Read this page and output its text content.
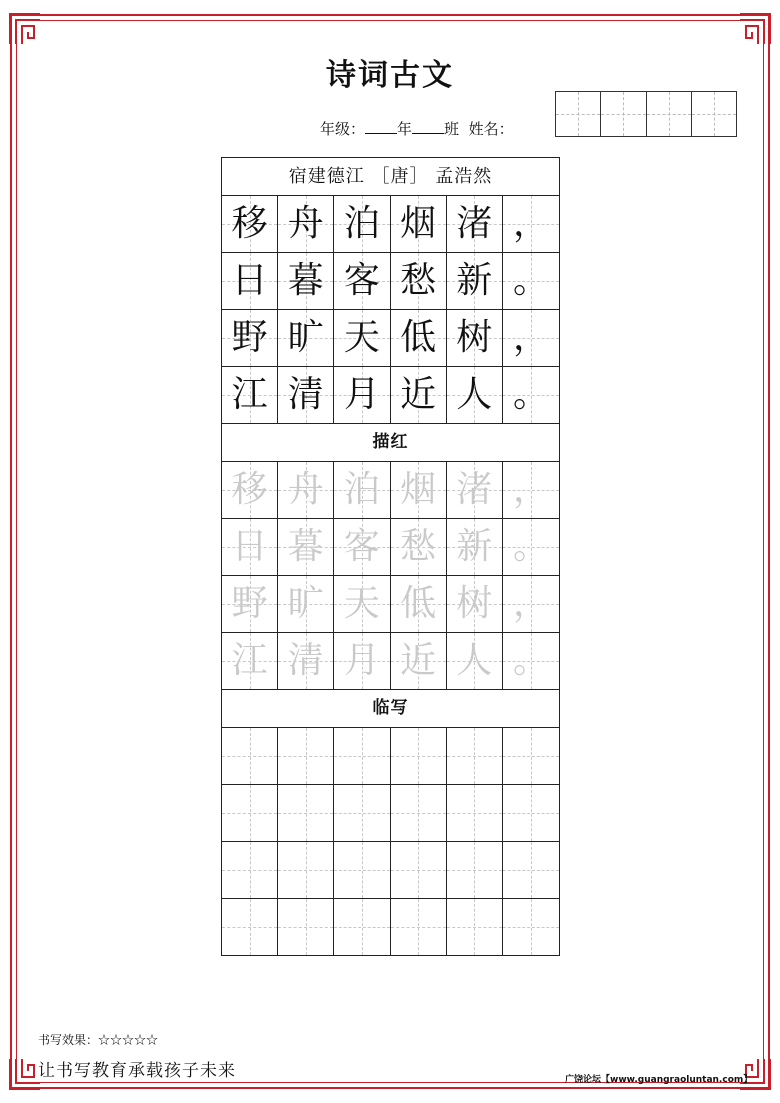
诗词古文
年级： 年 班 姓名：
宿建德江 ［唐］ 孟浩然
移 舟 泊 烟 渚 ，
日 暮 客 愁 新 。
野 旷 天 低 树 ，
江 清 月 近 人 。
描红
移 舟 泊 烟 渚 ，
日 暮 客 愁 新 。
野 旷 天 低 树 ，
江 清 月 近 人 。
临写
书写效果：☆☆☆☆☆
让书写教育承载孩子未来	广饶论坛【www.guangraoluntan.com】
